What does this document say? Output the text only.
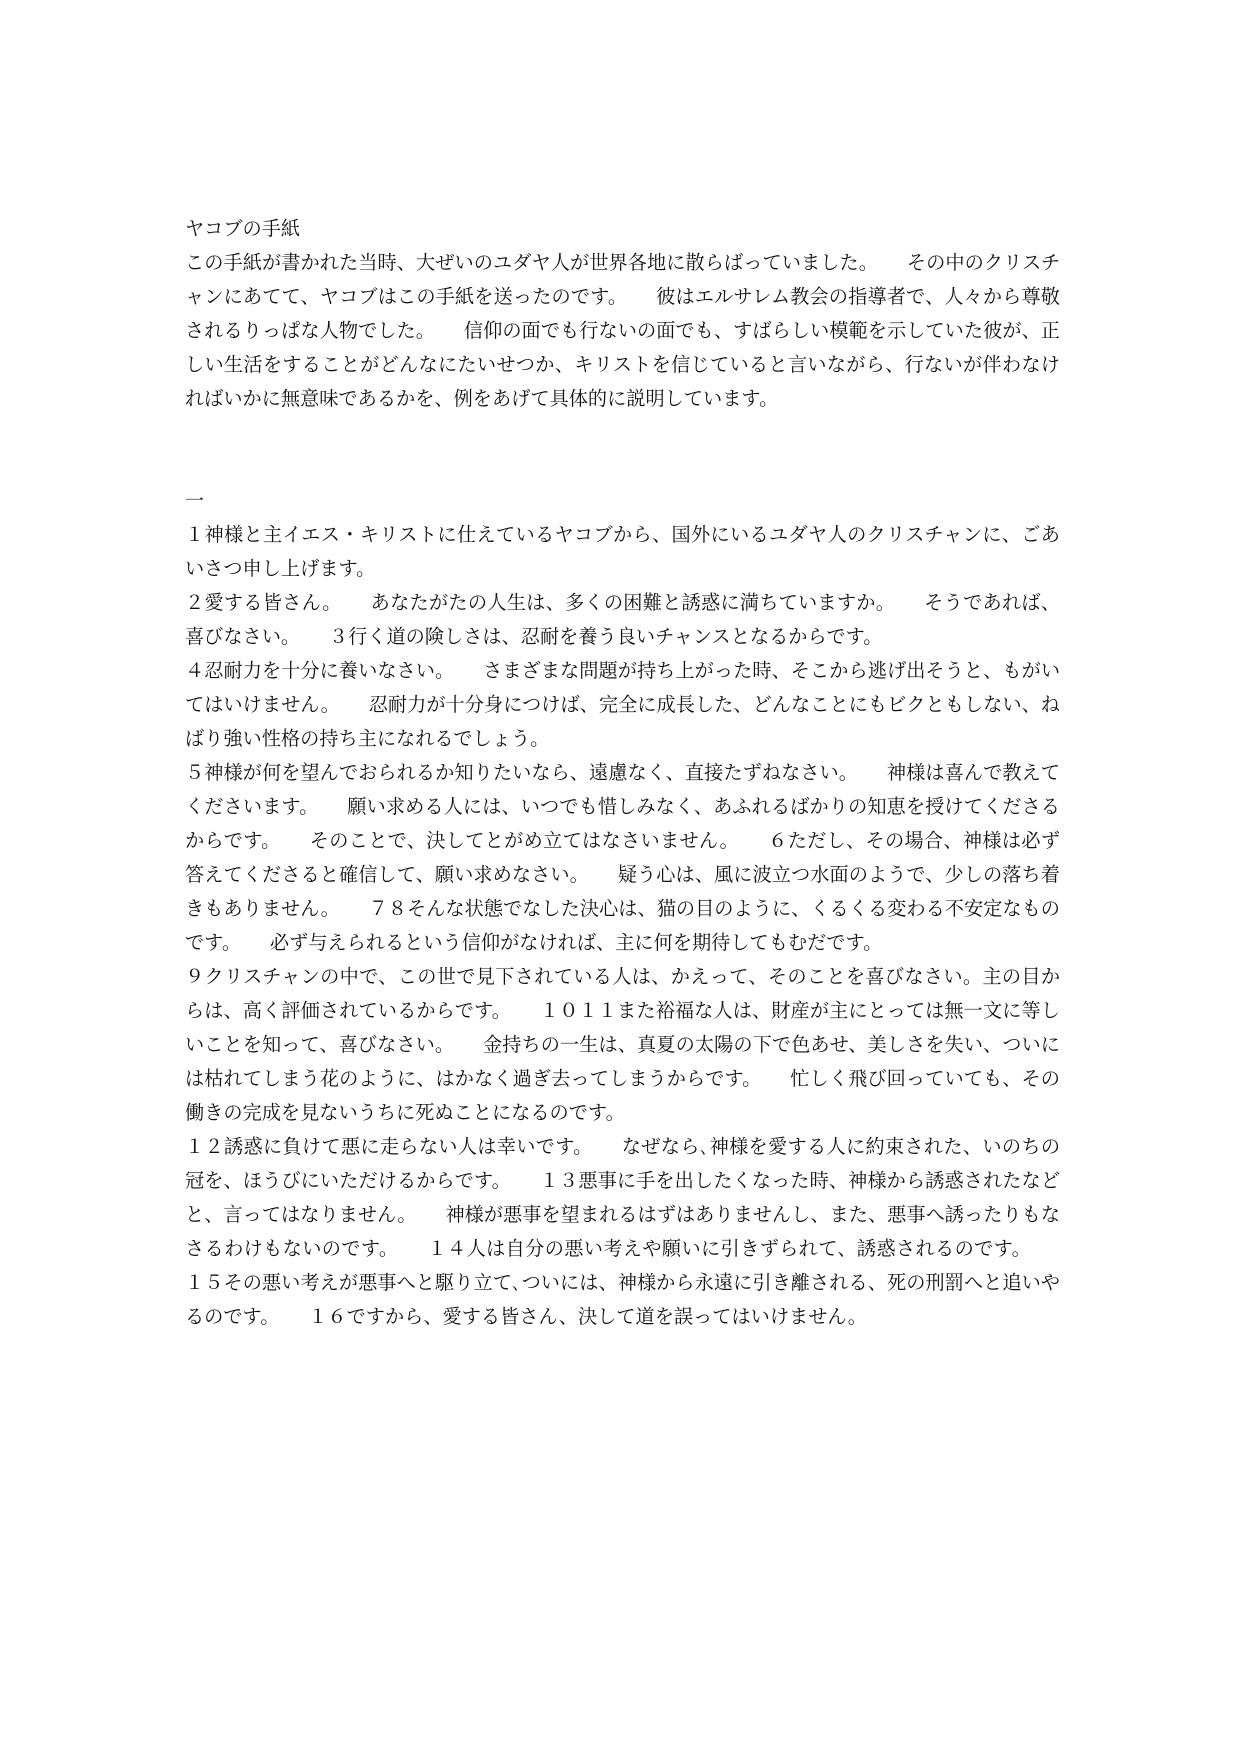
ヤコブの手紙

この手紙が書かれた当時、大ぜいのユダヤ人が世界各地に散らばっていました。 その中のクリスチャンにあてて、ヤコブはこの手紙を送ったのです。 彼はエルサレム教会の指導者で、人々から尊敬されるりっぱな人物でした。 信仰の面でも行ないの面でも、すばらしい模範を示していた彼が、正しい生活をすることがどんなにたいせつか、キリストを信じていると言いながら、行ないが伴わなければいかに無意味であるかを、例をあげて具体的に説明しています。

一

１神様と主イエス・キリストに仕えているヤコブから、国外にいるユダヤ人のクリスチャンに、ごあいさつ申し上げます。

２愛する皆さん。 あなたがたの人生は、多くの困難と誘惑に満ちていますか。 そうであれば、喜びなさい。 ３行く道の険しさは、忍耐を養う良いチャンスとなるからです。

４忍耐力を十分に養いなさい。 さまざまな問題が持ち上がった時、そこから逃げ出そうと、もがいてはいけません。 忍耐力が十分身につけば、完全に成長した、どんなことにもビクともしない、ねばり強い性格の持ち主になれるでしょう。

５神様が何を望んでおられるか知りたいなら、遠慮なく、直接たずねなさい。 神様は喜んで教えてくださいます。 願い求める人には、いつでも惜しみなく、あふれるばかりの知恵を授けてくださるからです。 そのことで、決してとがめ立てはなさいません。 ６ただし、その場合、神様は必ず答えてくださると確信して、願い求めなさい。 疑う心は、風に波立つ水面のようで、少しの落ち着きもありません。 ７８そんな状態でなした決心は、猫の目のように、くるくる変わる不安定なものです。 必ず与えられるという信仰がなければ、主に何を期待してもむだです。

９クリスチャンの中で、この世で見下されている人は、かえって、そのことを喜びなさい。主の目からは、高く評価されているからです。 １０１１また裕福な人は、財産が主にとっては無一文に等しいことを知って、喜びなさい。 金持ちの一生は、真夏の太陽の下で色あせ、美しさを失い、ついには枯れてしまう花のように、はかなく過ぎ去ってしまうからです。 忙しく飛び回っていても、その働きの完成を見ないうちに死ぬことになるのです。

１２誘惑に負けて悪に走らない人は幸いです。 なぜなら､神様を愛する人に約束された、いのちの冠を、ほうびにいただけるからです。 １３悪事に手を出したくなった時、神様から誘惑されたなどと、言ってはなりません。 神様が悪事を望まれるはずはありませんし、また、悪事へ誘ったりもなさるわけもないのです。 １４人は自分の悪い考えや願いに引きずられて、誘惑されるのです。１５その悪い考えが悪事へと駆り立て､ついには、神様から永遠に引き離される、死の刑罰へと追いやるのです。 １６ですから、愛する皆さん、決して道を誤ってはいけません。
